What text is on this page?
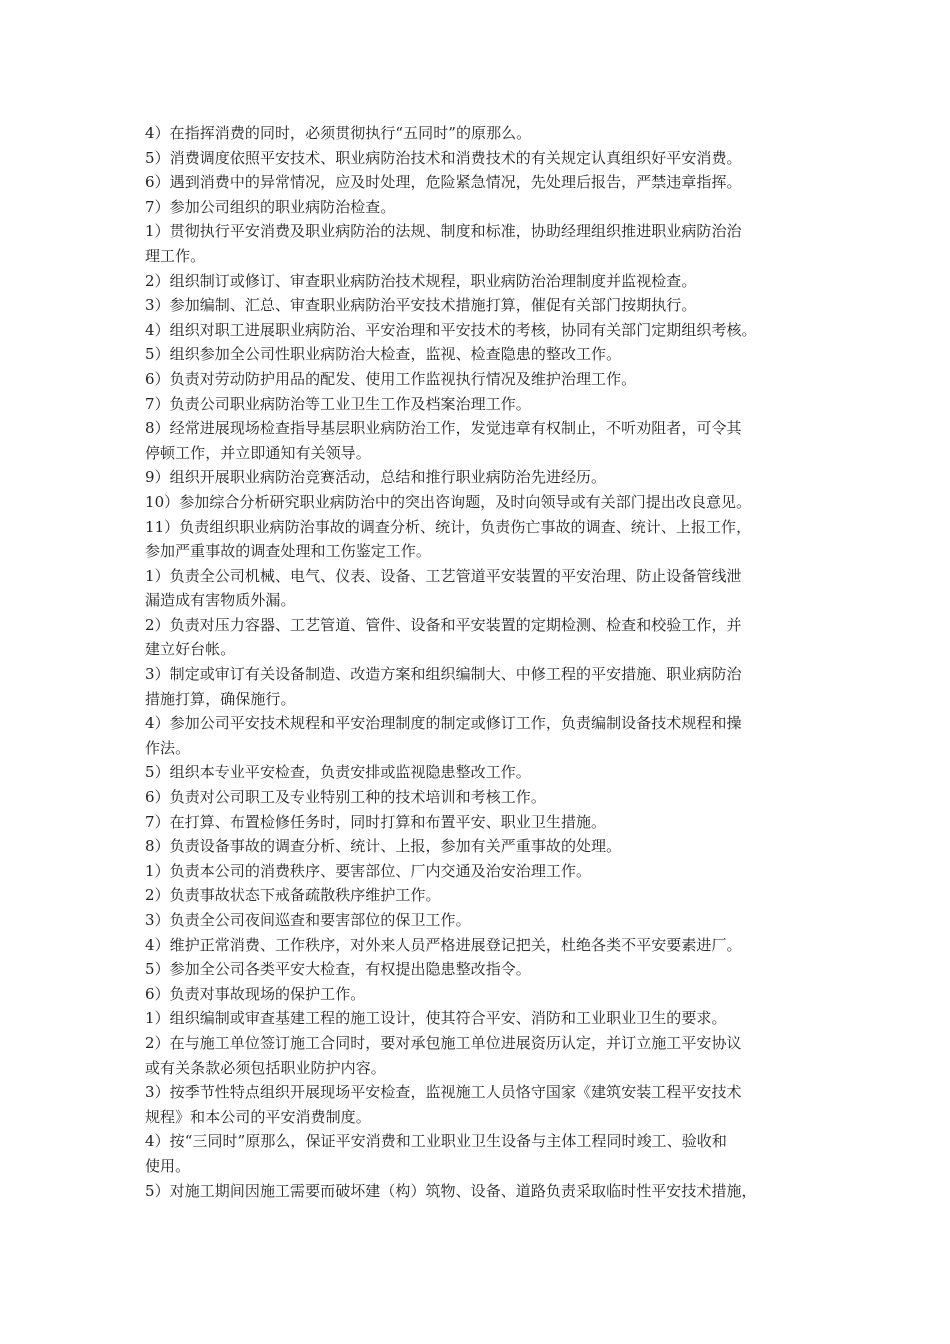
4）在指挥消费的同时，必须贯彻执行“五同时”的原那么。
5）消费调度依照平安技术、职业病防治技术和消费技术的有关规定认真组织好平安消费。
6）遇到消费中的异常情况，应及时处理，危险紧急情况，先处理后报告，严禁违章指挥。
7）参加公司组织的职业病防治检查。
1）贯彻执行平安消费及职业病防治的法规、制度和标准，协助经理组织推进职业病防治治
理工作。
2）组织制订或修订、审查职业病防治技术规程，职业病防治治理制度并监视检查。
3）参加编制、汇总、审查职业病防治平安技术措施打算，催促有关部门按期执行。
4）组织对职工进展职业病防治、平安治理和平安技术的考核，协同有关部门定期组织考核。
5）组织参加全公司性职业病防治大检查，监视、检查隐患的整改工作。
6）负责对劳动防护用品的配发、使用工作监视执行情况及维护治理工作。
7）负责公司职业病防治等工业卫生工作及档案治理工作。
8）经常进展现场检查指导基层职业病防治工作，发觉违章有权制止，不听劝阻者，可令其
停顿工作，并立即通知有关领导。
9）组织开展职业病防治竞赛活动，总结和推行职业病防治先进经历。
10）参加综合分析研究职业病防治中的突出咨询题，及时向领导或有关部门提出改良意见。
11）负责组织职业病防治事故的调查分析、统计，负责伤亡事故的调查、统计、上报工作，
参加严重事故的调查处理和工伤鉴定工作。
1）负责全公司机械、电气、仪表、设备、工艺管道平安装置的平安治理、防止设备管线泄
漏造成有害物质外漏。
2）负责对压力容器、工艺管道、管件、设备和平安装置的定期检测、检查和校验工作，并
建立好台帐。
3）制定或审订有关设备制造、改造方案和组织编制大、中修工程的平安措施、职业病防治
措施打算，确保施行。
4）参加公司平安技术规程和平安治理制度的制定或修订工作，负责编制设备技术规程和操
作法。
5）组织本专业平安检查，负责安排或监视隐患整改工作。
6）负责对公司职工及专业特别工种的技术培训和考核工作。
7）在打算、布置检修任务时，同时打算和布置平安、职业卫生措施。
8）负责设备事故的调查分析、统计、上报，参加有关严重事故的处理。
1）负责本公司的消费秩序、要害部位、厂内交通及治安治理工作。
2）负责事故状态下戒备疏散秩序维护工作。
3）负责全公司夜间巡查和要害部位的保卫工作。
4）维护正常消费、工作秩序，对外来人员严格进展登记把关，杜绝各类不平安要素进厂。
5）参加全公司各类平安大检查，有权提出隐患整改指令。
6）负责对事故现场的保护工作。
1）组织编制或审查基建工程的施工设计，使其符合平安、消防和工业职业卫生的要求。
2）在与施工单位签订施工合同时，要对承包施工单位进展资历认定，并订立施工平安协议
或有关条款必须包括职业防护内容。
3）按季节性特点组织开展现场平安检查，监视施工人员恪守国家《建筑安装工程平安技术
规程》和本公司的平安消费制度。
4）按“三同时”原那么，保证平安消费和工业职业卫生设备与主体工程同时竣工、验收和
使用。
5）对施工期间因施工需要而破坏建（构）筑物、设备、道路负责采取临时性平安技术措施，
